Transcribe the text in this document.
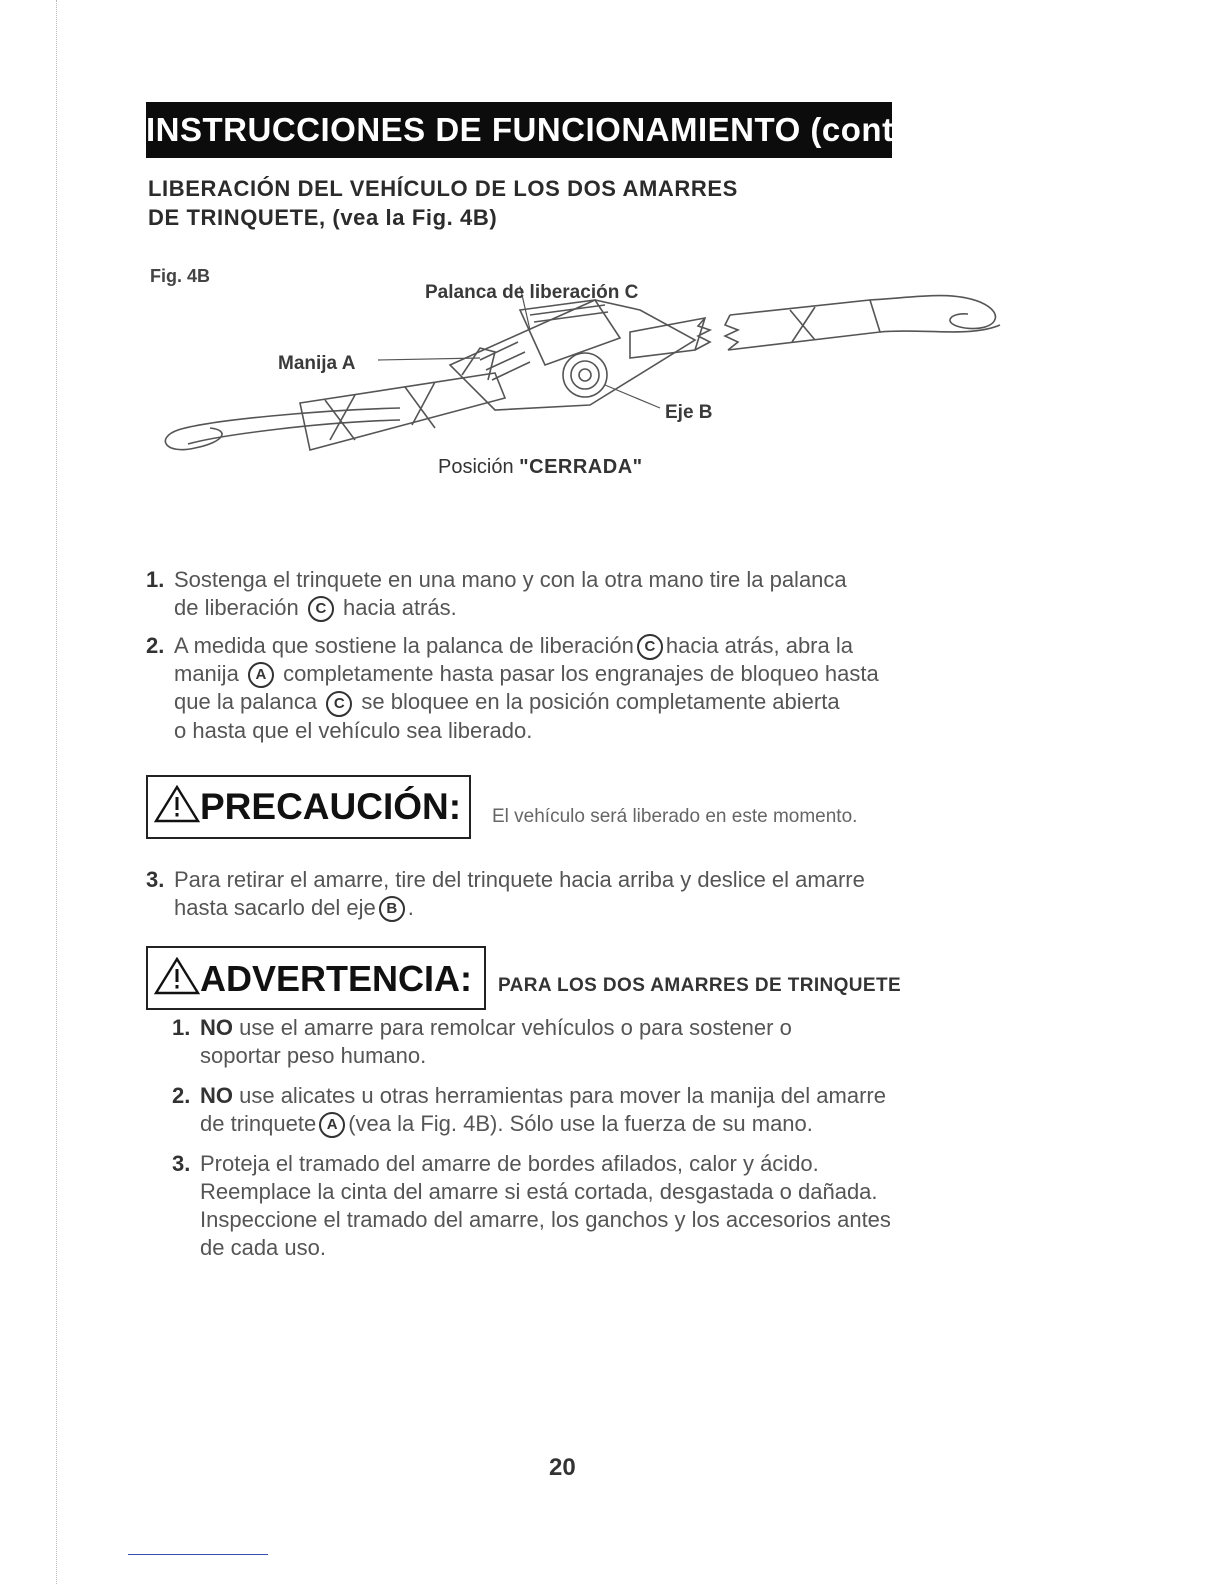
INSTRUCCIONES DE FUNCIONAMIENTO (cont.)
LIBERACIÓN DEL VEHÍCULO DE LOS DOS AMARRES
DE TRINQUETE, (vea la Fig. 4B)
Fig. 4B
Palanca de liberación C
Manija A
Eje B
Posición "CERRADA"
1. Sostenga el trinquete en una mano y con la otra mano tire la palanca
de liberación C hacia atrás.
2. A medida que sostiene la palanca de liberación C hacia atrás, abra la
manija A completamente hasta pasar los engranajes de bloqueo hasta
que la palanca C se bloquee en la posición completamente abierta
o hasta que el vehículo sea liberado.
PRECAUCIÓN:	El vehículo será liberado en este momento.
3. Para retirar el amarre, tire del trinquete hacia arriba y deslice el amarre
hasta sacarlo del eje B .
ADVERTENCIA:	PARA LOS DOS AMARRES DE TRINQUETE
1. NO use el amarre para remolcar vehículos o para sostener o
soportar peso humano.
2. NO use alicates u otras herramientas para mover la manija del amarre
de trinquete A (vea la Fig. 4B). Sólo use la fuerza de su mano.
3. Proteja el tramado del amarre de bordes afilados, calor y ácido.
Reemplace la cinta del amarre si está cortada, desgastada o dañada.
Inspeccione el tramado del amarre, los ganchos y los accesorios antes
de cada uso.
20
